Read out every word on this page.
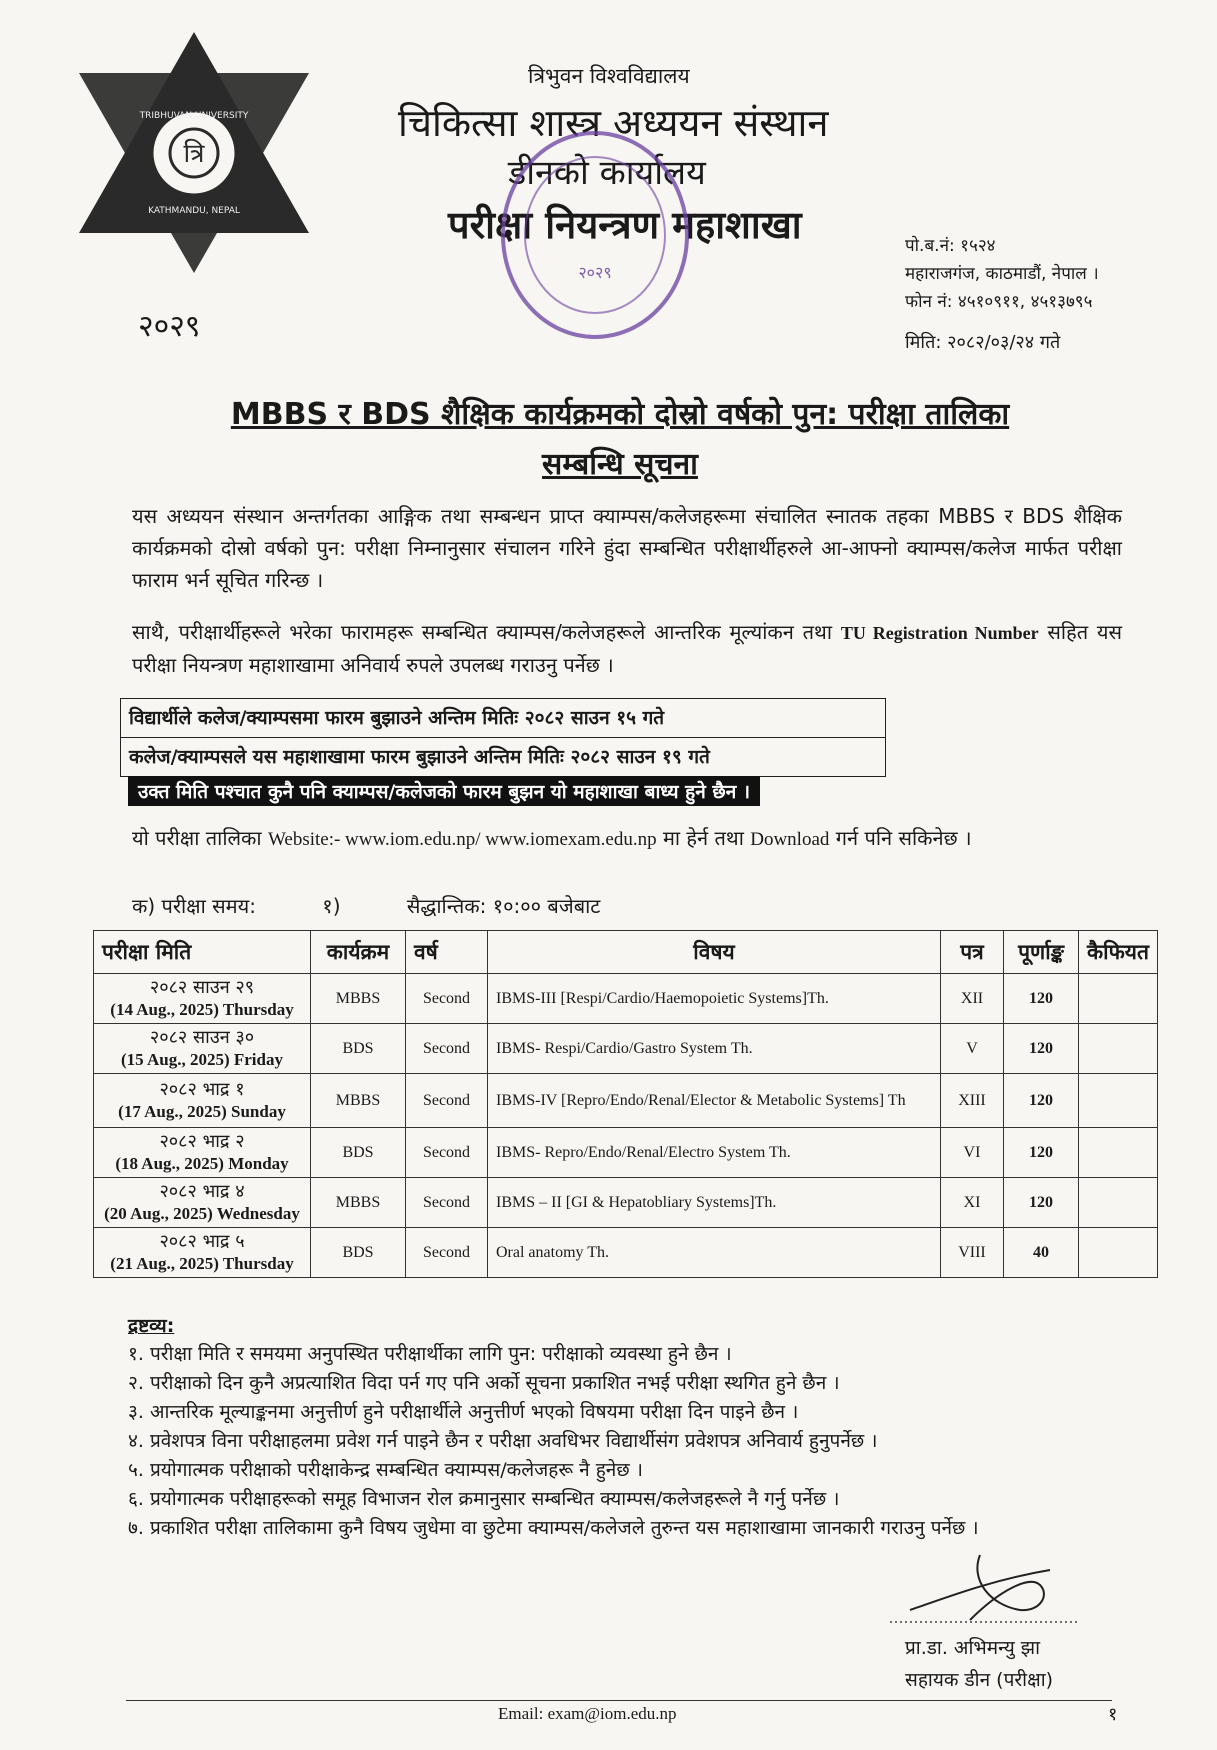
त्रि
TRIBHUVAN UNIVERSITY
KATHMANDU, NEPAL
२०२९
त्रिभुवन विश्वविद्यालय
चिकित्सा शास्त्र अध्ययन संस्थान
डीनको कार्यालय
परीक्षा नियन्त्रण महाशाखा
२०२९
पो.ब.नं: १५२४
महाराजगंज, काठमाडौं, नेपाल ।
फोन नं: ४५१०९११, ४५१३७९५
मिति: २०८२/०३/२४ गते
MBBS र BDS शैक्षिक कार्यक्रमको दोस्रो वर्षको पुन: परीक्षा तालिका
सम्बन्धि सूचना
यस अध्ययन संस्थान अन्तर्गतका आङ्गिक तथा सम्बन्धन प्राप्त क्याम्पस/कलेजहरूमा संचालित स्नातक तहका MBBS र BDS शैक्षिक कार्यक्रमको दोस्रो वर्षको पुन: परीक्षा निम्नानुसार संचालन गरिने हुंदा सम्बन्धित परीक्षार्थीहरुले आ-आफ्नो क्याम्पस/कलेज मार्फत परीक्षा फाराम भर्न सूचित गरिन्छ ।
साथै, परीक्षार्थीहरूले भरेका फारामहरू सम्बन्धित क्याम्पस/कलेजहरूले आन्तरिक मूल्यांकन तथा TU Registration Number सहित यस परीक्षा नियन्त्रण महाशाखामा अनिवार्य रुपले उपलब्ध गराउनु पर्नेछ ।
विद्यार्थीले कलेज/क्याम्पसमा फारम बुझाउने अन्तिम मितिः २०८२ साउन १५ गते
कलेज/क्याम्पसले यस महाशाखामा फारम बुझाउने अन्तिम मितिः २०८२ साउन १९ गते
उक्त मिति पश्चात कुनै पनि क्याम्पस/कलेजको फारम बुझन यो महाशाखा बाध्य हुने छैन ।
यो परीक्षा तालिका Website:- www.iom.edu.np/ www.iomexam.edu.np मा हेर्न तथा Download गर्न पनि सकिनेछ ।
क) परीक्षा समय:	१)	सैद्धान्तिक: १०:०० बजेबाट
परीक्षा मिति	कार्यक्रम	वर्ष	विषय	पत्र	पूर्णाङ्क	कैफियत

२०८२ साउन २९
(14 Aug., 2025) Thursday	MBBS	Second	IBMS-III [Respi/Cardio/Haemopoietic Systems]Th.	XII	120	

२०८२ साउन ३०
(15 Aug., 2025) Friday	BDS	Second	IBMS- Respi/Cardio/Gastro System Th.	V	120	

२०८२ भाद्र १
(17 Aug., 2025) Sunday	MBBS	Second	IBMS-IV [Repro/Endo/Renal/Elector & Metabolic Systems] Th	XIII	120	

२०८२ भाद्र २
(18 Aug., 2025) Monday	BDS	Second	IBMS- Repro/Endo/Renal/Electro System Th.	VI	120	

२०८२ भाद्र ४
(20 Aug., 2025) Wednesday	MBBS	Second	IBMS – II [GI & Hepatobliary Systems]Th.	XI	120	

२०८२ भाद्र ५
(21 Aug., 2025) Thursday	BDS	Second	Oral anatomy Th.	VIII	40	
द्रष्टव्य:
१. परीक्षा मिति र समयमा अनुपस्थित परीक्षार्थीका लागि पुन: परीक्षाको व्यवस्था हुने छैन ।
२. परीक्षाको दिन कुनै अप्रत्याशित विदा पर्न गए पनि अर्को सूचना प्रकाशित नभई परीक्षा स्थगित हुने छैन ।
३. आन्तरिक मूल्याङ्कनमा अनुत्तीर्ण हुने परीक्षार्थीले अनुत्तीर्ण भएको विषयमा परीक्षा दिन पाइने छैन ।
४. प्रवेशपत्र विना परीक्षाहलमा प्रवेश गर्न पाइने छैन र परीक्षा अवधिभर विद्यार्थीसंग प्रवेशपत्र अनिवार्य हुनुपर्नेछ ।
५. प्रयोगात्मक परीक्षाको परीक्षाकेन्द्र सम्बन्धित क्याम्पस/कलेजहरू नै हुनेछ ।
६. प्रयोगात्मक परीक्षाहरूको समूह विभाजन रोल क्रमानुसार सम्बन्धित क्याम्पस/कलेजहरूले नै गर्नु पर्नेछ ।
७. प्रकाशित परीक्षा तालिकामा कुनै विषय जुधेमा वा छुटेमा क्याम्पस/कलेजले तुरुन्त यस महाशाखामा जानकारी गराउनु पर्नेछ ।
प्रा.डा. अभिमन्यु झा
सहायक डीन (परीक्षा)
Email: exam@iom.edu.np	१
